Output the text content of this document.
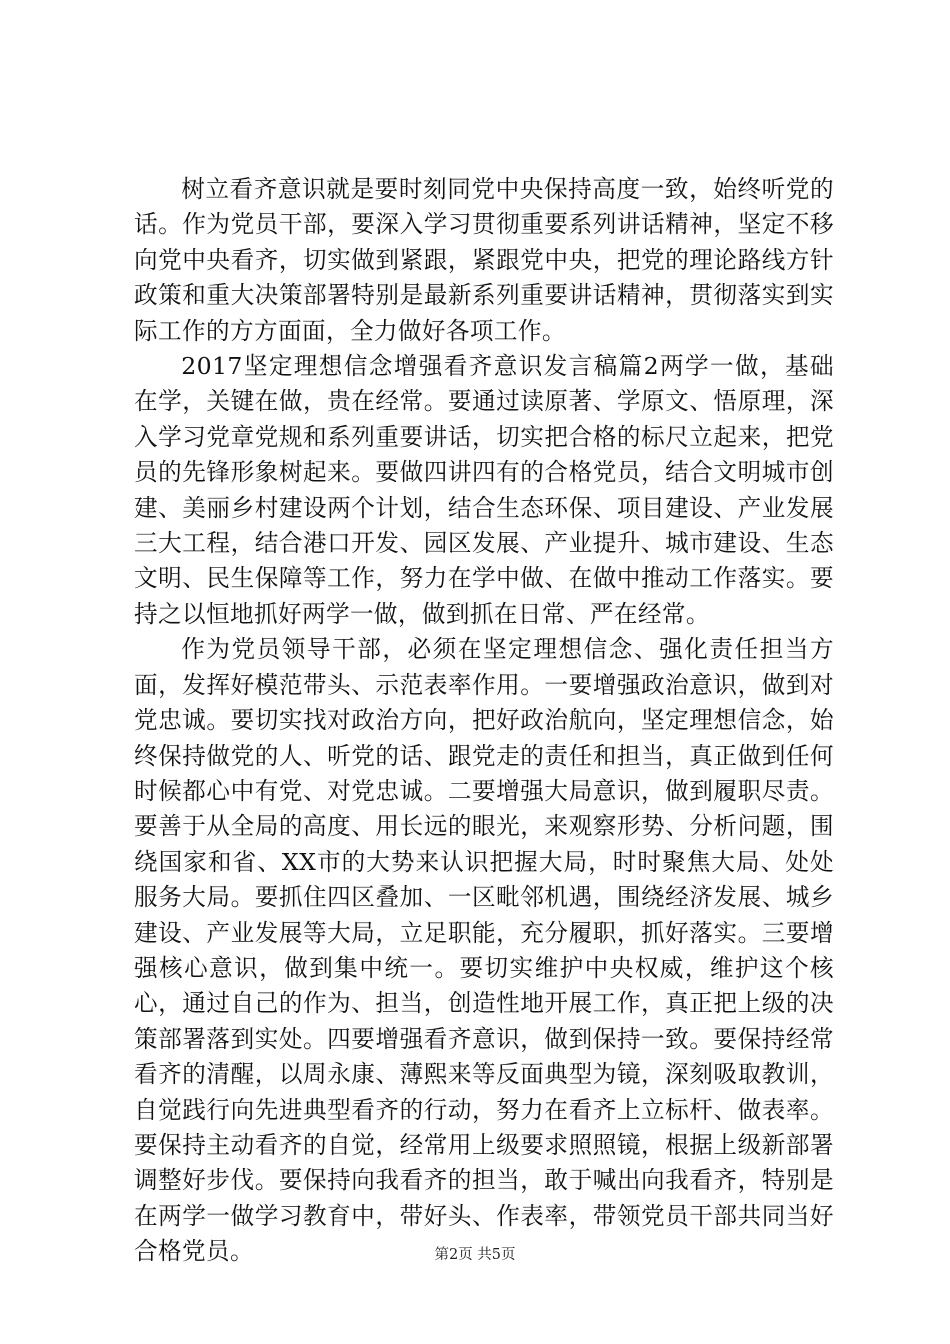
树立看齐意识就是要时刻同党中央保持高度一致，始终听党的话。作为党员干部，要深入学习贯彻重要系列讲话精神，坚定不移向党中央看齐，切实做到紧跟，紧跟党中央，把党的理论路线方针政策和重大决策部署特别是最新系列重要讲话精神，贯彻落实到实际工作的方方面面，全力做好各项工作。

2017坚定理想信念增强看齐意识发言稿篇2两学一做，基础在学，关键在做，贵在经常。要通过读原著、学原文、悟原理，深入学习党章党规和系列重要讲话，切实把合格的标尺立起来，把党员的先锋形象树起来。要做四讲四有的合格党员，结合文明城市创建、美丽乡村建设两个计划，结合生态环保、项目建设、产业发展三大工程，结合港口开发、园区发展、产业提升、城市建设、生态文明、民生保障等工作，努力在学中做、在做中推动工作落实。要持之以恒地抓好两学一做，做到抓在日常、严在经常。

作为党员领导干部，必须在坚定理想信念、强化责任担当方面，发挥好模范带头、示范表率作用。一要增强政治意识，做到对党忠诚。要切实找对政治方向，把好政治航向，坚定理想信念，始终保持做党的人、听党的话、跟党走的责任和担当，真正做到任何时候都心中有党、对党忠诚。二要增强大局意识，做到履职尽责。要善于从全局的高度、用长远的眼光，来观察形势、分析问题，围绕国家和省、XX市的大势来认识把握大局，时时聚焦大局、处处服务大局。要抓住四区叠加、一区毗邻机遇，围绕经济发展、城乡建设、产业发展等大局，立足职能，充分履职，抓好落实。三要增强核心意识，做到集中统一。要切实维护中央权威，维护这个核心，通过自己的作为、担当，创造性地开展工作，真正把上级的决策部署落到实处。四要增强看齐意识，做到保持一致。要保持经常看齐的清醒，以周永康、薄熙来等反面典型为镜，深刻吸取教训，自觉践行向先进典型看齐的行动，努力在看齐上立标杆、做表率。要保持主动看齐的自觉，经常用上级要求照照镜，根据上级新部署调整好步伐。要保持向我看齐的担当，敢于喊出向我看齐，特别是在两学一做学习教育中，带好头、作表率，带领党员干部共同当好合格党员。	第2页 共5页
